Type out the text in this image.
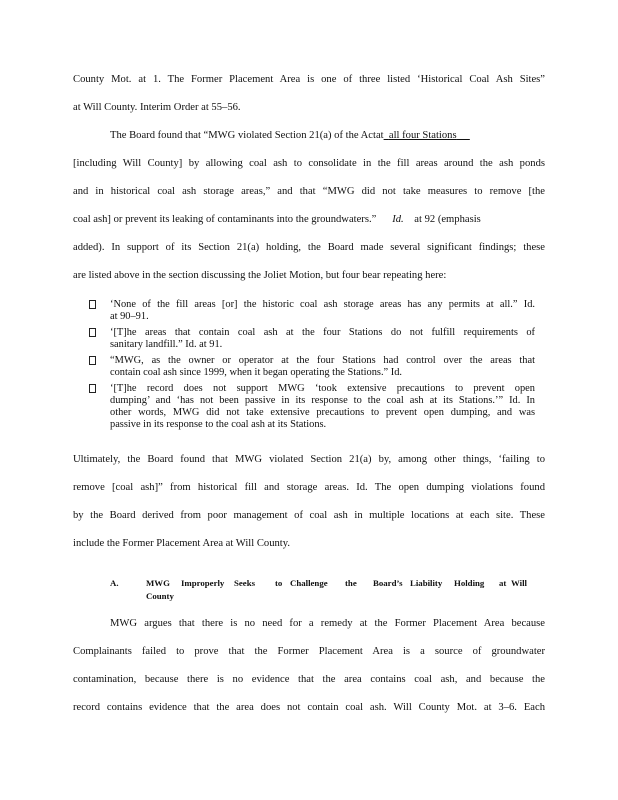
County Mot. at 1. The Former Placement Area is one of three listed ‘Historical Coal Ash Sites”
at Will County. Interim Order at 55–56.
The Board found that “MWG violated Section 21(a) of the Actat all four Stations
[including Will County] by allowing coal ash to consolidate in the fill areas around the ash ponds
and in historical coal ash storage areas,” and that “MWG did not take measures to remove [the
coal ash] or prevent its leaking of contaminants into the groundwaters.” Id. at 92 (emphasis
added). In support of its Section 21(a) holding, the Board made several significant findings; these
are listed above in the section discussing the Joliet Motion, but four bear repeating here:
‘None of the fill areas [or] the historic coal ash storage areas has any permits at all.” Id.
at 90–91.
‘[T]he areas that contain coal ash at the four Stations do not fulfill requirements of
sanitary landfill.” Id. at 91.
“MWG, as the owner or operator at the four Stations had control over the areas that
contain coal ash since 1999, when it began operating the Stations.” Id.
‘[T]he record does not support MWG ‘took extensive precautions to prevent open
dumping’ and ‘has not been passive in its response to the coal ash at its Stations.’” Id. In
other words, MWG did not take extensive precautions to prevent open dumping, and was
passive in its response to the coal ash at its Stations.
Ultimately, the Board found that MWG violated Section 21(a) by, among other things, ‘failing to
remove [coal ash]” from historical fill and storage areas. Id. The open dumping violations found
by the Board derived from poor management of coal ash in multiple locations at each site. These
include the Former Placement Area at Will County.
A.	MWG Improperly Seeks to Challenge the Board’s Liability Holding at Will
County
MWG argues that there is no need for a remedy at the Former Placement Area because
Complainants failed to prove that the Former Placement Area is a source of groundwater
contamination, because there is no evidence that the area contains coal ash, and because the
record contains evidence that the area does not contain coal ash. Will County Mot. at 3–6. Each
